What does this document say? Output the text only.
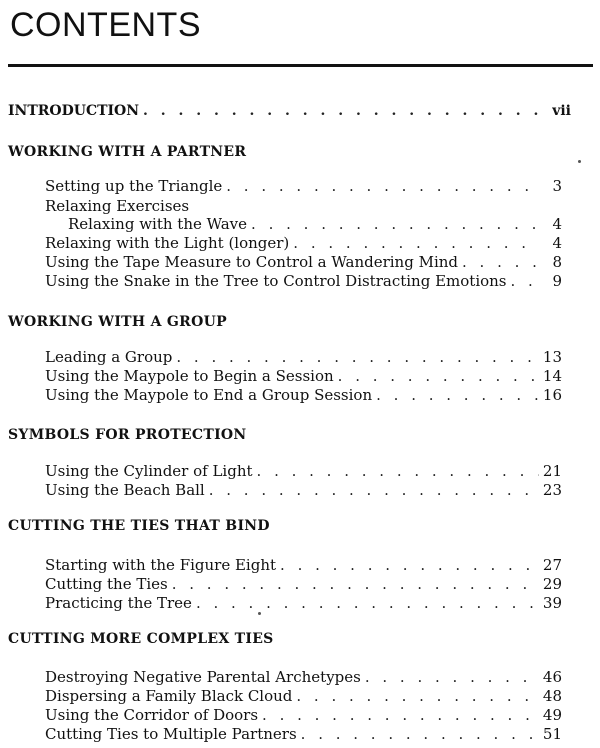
CONTENTS
INTRODUCTION . . .	vii
WORKING WITH A PARTNER
Setting up the Triangle . . .	3
Relaxing Exercises
Relaxing with the Wave . . .	4
Relaxing with the Light (longer) . . .	4
Using the Tape Measure to Control a Wandering Mind . . .	8
Using the Snake in the Tree to Control Distracting Emotions . . .	9
WORKING WITH A GROUP
Leading a Group . . .	13
Using the Maypole to Begin a Session . . .	14
Using the Maypole to End a Group Session . . .	16
SYMBOLS FOR PROTECTION
Using the Cylinder of Light . . .	21
Using the Beach Ball . . .	23
CUTTING THE TIES THAT BIND
Starting with the Figure Eight . . .	27
Cutting the Ties . . .	29
Practicing the Tree . . .	39
CUTTING MORE COMPLEX TIES
Destroying Negative Parental Archetypes . . .	46
Dispersing a Family Black Cloud . . .	48
Using the Corridor of Doors . . .	49
Cutting Ties to Multiple Partners . . .	51
